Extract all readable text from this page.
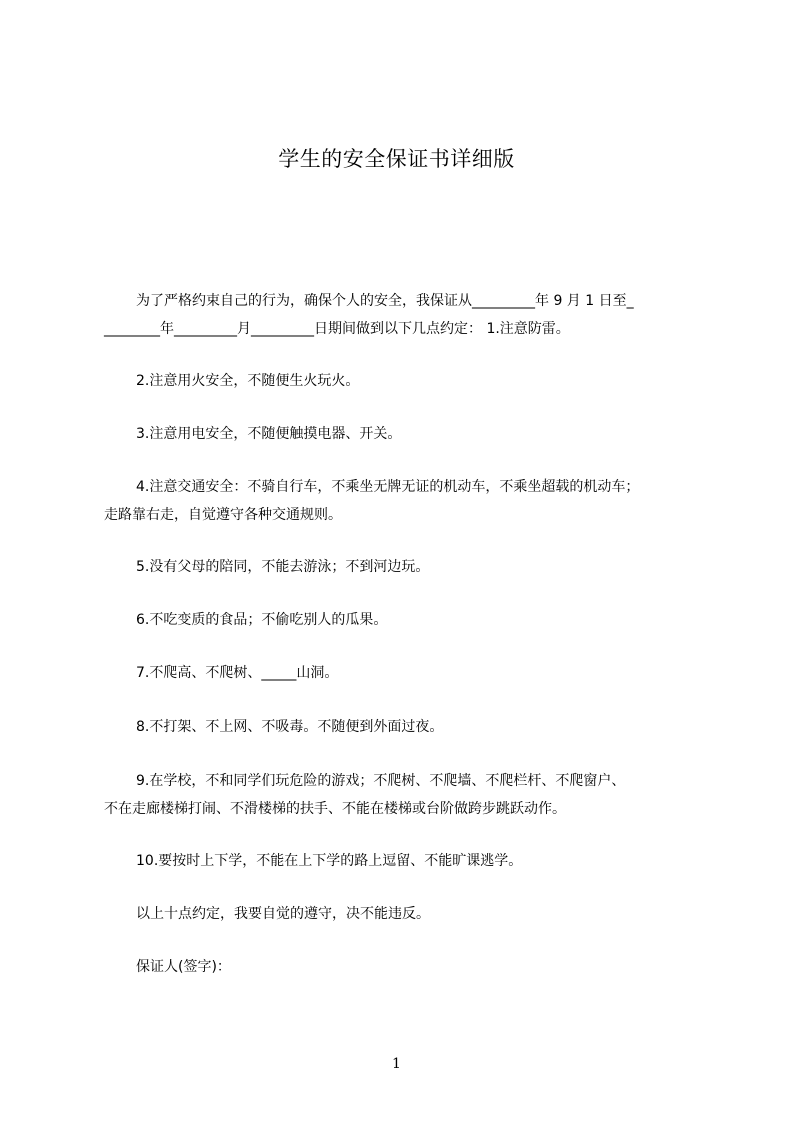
学生的安全保证书详细版
为了严格约束自己的行为，确保个人的安全，我保证从_________年 9 月 1 日至_
________年_________月_________日期间做到以下几点约定： 1.注意防雷。
2.注意用火安全，不随便生火玩火。
3.注意用电安全，不随便触摸电器、开关。
4.注意交通安全：不骑自行车，不乘坐无牌无证的机动车，不乘坐超载的机动车；
走路靠右走，自觉遵守各种交通规则。
5.没有父母的陪同，不能去游泳；不到河边玩。
6.不吃变质的食品；不偷吃别人的瓜果。
7.不爬高、不爬树、_____山洞。
8.不打架、不上网、不吸毒。不随便到外面过夜。
9.在学校，不和同学们玩危险的游戏；不爬树、不爬墙、不爬栏杆、不爬窗户、
不在走廊楼梯打闹、不滑楼梯的扶手、不能在楼梯或台阶做跨步跳跃动作。
10.要按时上下学，不能在上下学的路上逗留、不能旷课逃学。
以上十点约定，我要自觉的遵守，决不能违反。
保证人(签字)：
1
